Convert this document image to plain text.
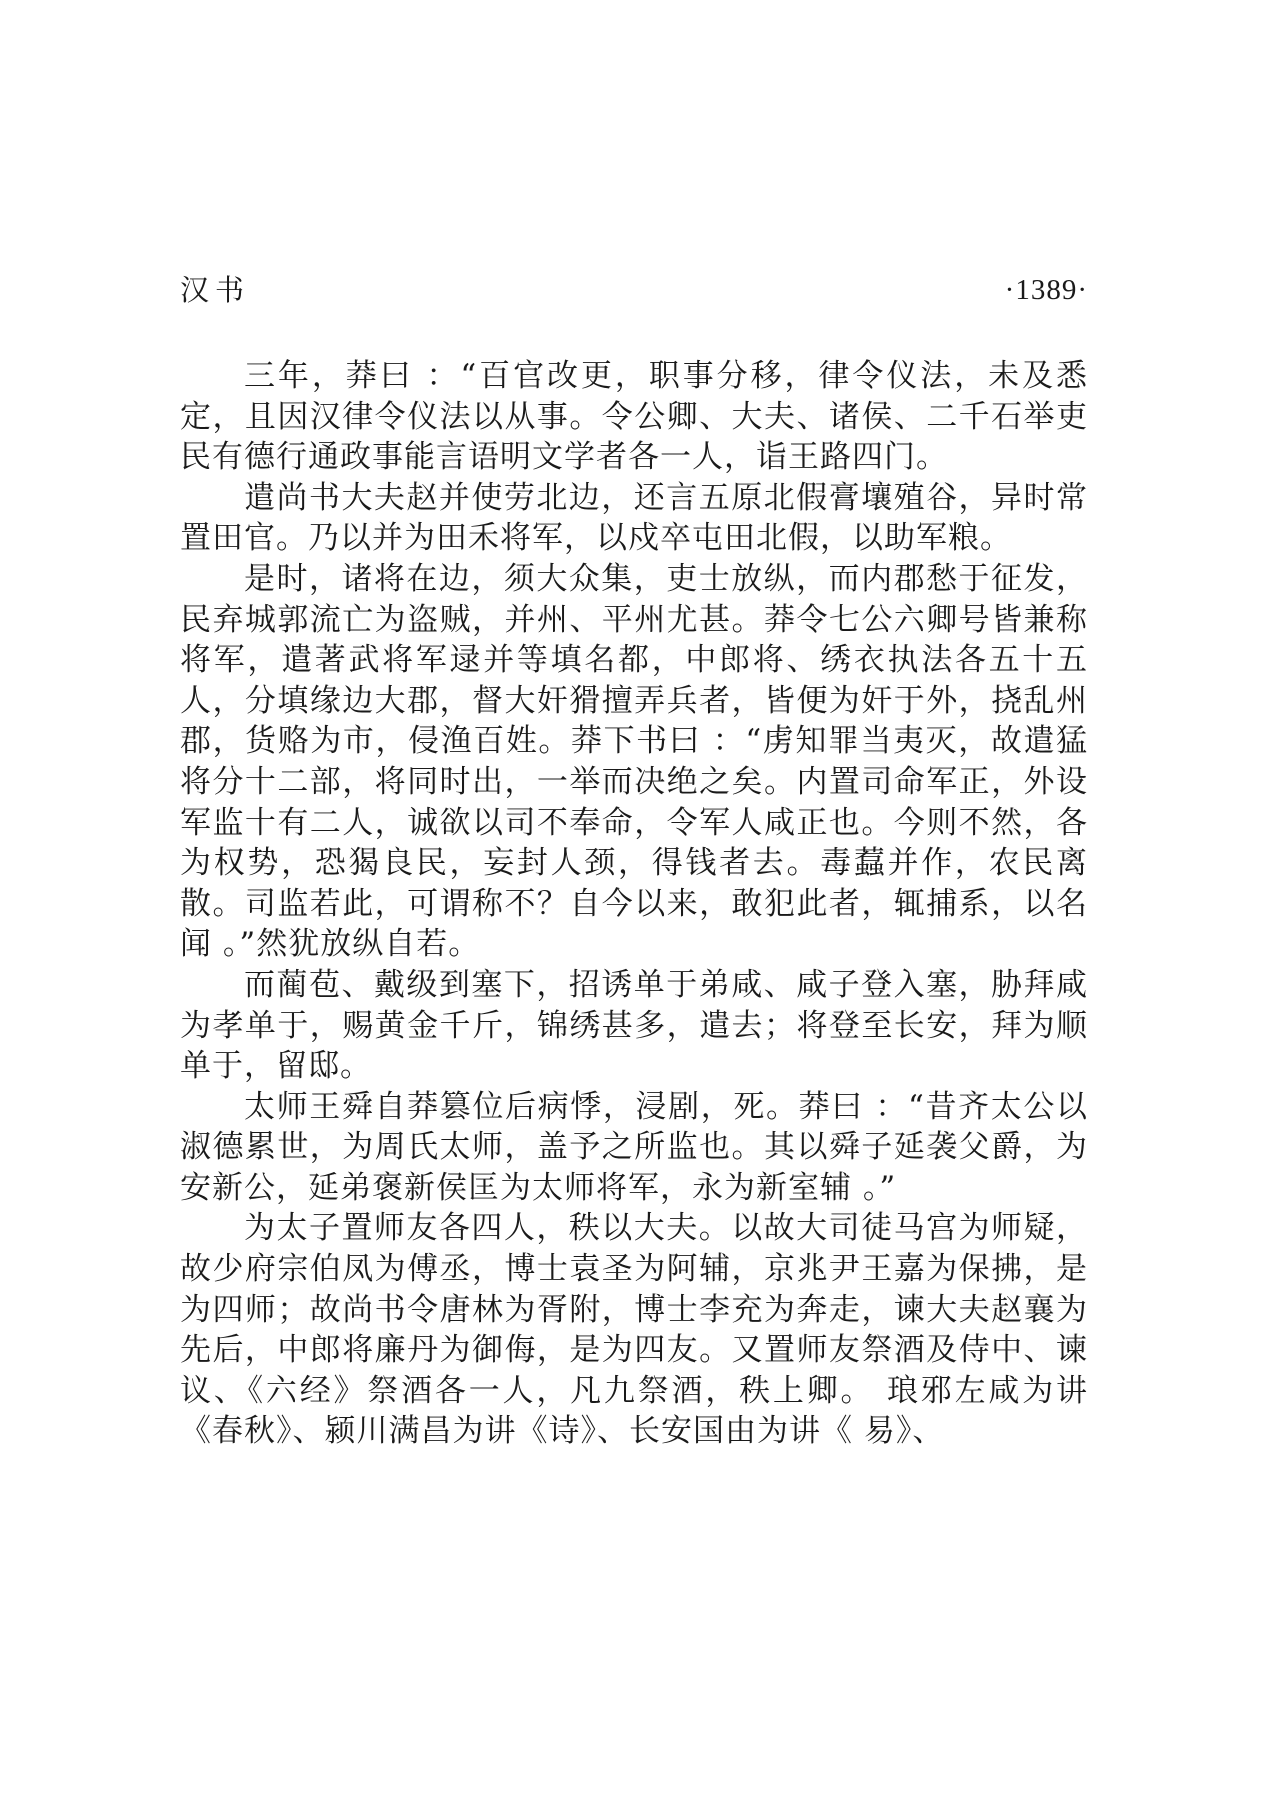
汉书	·1389·

三年，莽曰 ：“百官改更，职事分移，律令仪法，未及悉定，且因汉律令仪法以从事。令公卿、大夫、诸侯、二千石举吏民有德行通政事能言语明文学者各一人，诣王路四门。

遣尚书大夫赵并使劳北边，还言五原北假膏壤殖谷，异时常置田官。乃以并为田禾将军，以戍卒屯田北假，以助军粮。

是时，诸将在边，须大众集，吏士放纵，而内郡愁于征发，民弃城郭流亡为盗贼，并州、平州尤甚。莽令七公六卿号皆兼称将军，遣著武将军逯并等填名都，中郎将、绣衣执法各五十五人，分填缘边大郡，督大奸猾擅弄兵者，皆便为奸于外，挠乱州郡，货赂为市，侵渔百姓。莽下书曰 ：“虏知罪当夷灭，故遣猛将分十二部，将同时出，一举而决绝之矣。内置司命军正，外设军监十有二人，诚欲以司不奉命，令军人咸正也。今则不然，各为权势，恐猲良民，妄封人颈，得钱者去。毒蠚并作，农民离散。司监若此，可谓称不？自今以来，敢犯此者，辄捕系，以名闻 。”然犹放纵自若。

而蔺苞、戴级到塞下，招诱单于弟咸、咸子登入塞，胁拜咸为孝单于，赐黄金千斤，锦绣甚多，遣去；将登至长安，拜为顺单于，留邸。

太师王舜自莽篡位后病悸，浸剧，死。莽曰 ：“昔齐太公以淑德累世，为周氏太师，盖予之所监也。其以舜子延袭父爵，为安新公，延弟褒新侯匡为太师将军，永为新室辅 。”

为太子置师友各四人，秩以大夫。以故大司徒马宫为师疑，故少府宗伯凤为傅丞，博士袁圣为阿辅，京兆尹王嘉为保拂，是为四师；故尚书令唐林为胥附，博士李充为奔走，谏大夫赵襄为先后，中郎将廉丹为御侮，是为四友。又置师友祭酒及侍中、谏议、《六经》祭酒各一人，凡九祭酒，秩上卿。 琅邪左咸为讲《春秋》、颍川满昌为讲《诗》、长安国由为讲《 易》、
